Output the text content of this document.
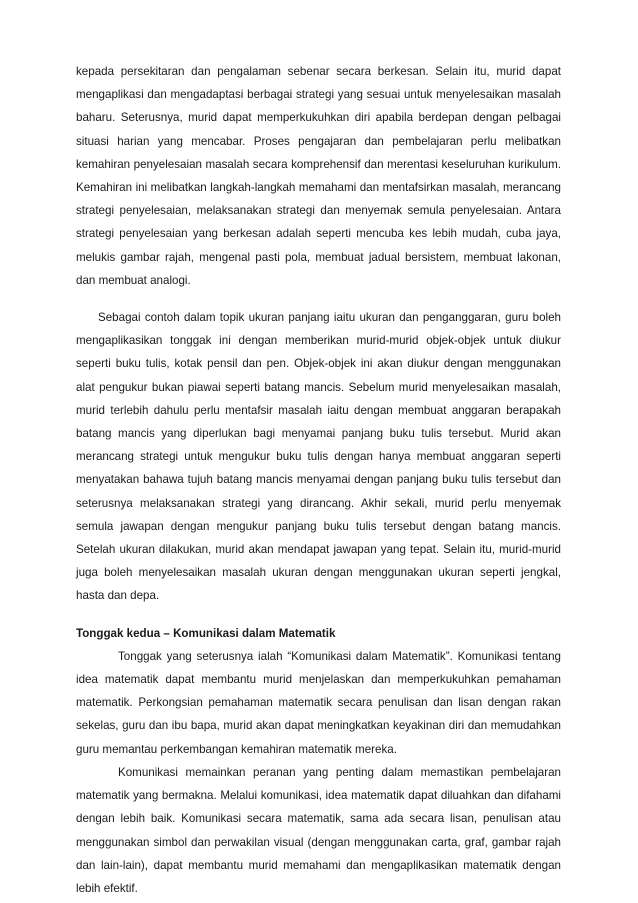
kepada persekitaran dan pengalaman sebenar secara berkesan. Selain itu, murid dapat mengaplikasi dan mengadaptasi berbagai strategi yang sesuai untuk menyelesaikan masalah baharu. Seterusnya, murid dapat memperkukuhkan diri apabila berdepan dengan pelbagai situasi harian yang mencabar. Proses pengajaran dan pembelajaran perlu melibatkan kemahiran penyelesaian masalah secara komprehensif dan merentasi keseluruhan kurikulum. Kemahiran ini melibatkan langkah-langkah memahami dan mentafsirkan masalah, merancang strategi penyelesaian, melaksanakan strategi dan menyemak semula penyelesaian. Antara strategi penyelesaian yang berkesan adalah seperti mencuba kes lebih mudah, cuba jaya, melukis gambar rajah, mengenal pasti pola, membuat jadual bersistem, membuat lakonan, dan membuat analogi.

Sebagai contoh dalam topik ukuran panjang iaitu ukuran dan penganggaran, guru boleh mengaplikasikan tonggak ini dengan memberikan murid-murid objek-objek untuk diukur seperti buku tulis, kotak pensil dan pen. Objek-objek ini akan diukur dengan menggunakan alat pengukur bukan piawai seperti batang mancis. Sebelum murid menyelesaikan masalah, murid terlebih dahulu perlu mentafsir masalah iaitu dengan membuat anggaran berapakah batang mancis yang diperlukan bagi menyamai panjang buku tulis tersebut. Murid akan merancang strategi untuk mengukur buku tulis dengan hanya membuat anggaran seperti menyatakan bahawa tujuh batang mancis menyamai dengan panjang buku tulis tersebut dan seterusnya melaksanakan strategi yang dirancang. Akhir sekali, murid perlu menyemak semula jawapan dengan mengukur panjang buku tulis tersebut dengan batang mancis. Setelah ukuran dilakukan, murid akan mendapat jawapan yang tepat. Selain itu, murid-murid juga boleh menyelesaikan masalah ukuran dengan menggunakan ukuran seperti jengkal, hasta dan depa.

Tonggak kedua – Komunikasi dalam Matematik

Tonggak yang seterusnya ialah “Komunikasi dalam Matematik”. Komunikasi tentang idea matematik dapat membantu murid menjelaskan dan memperkukuhkan pemahaman matematik. Perkongsian pemahaman matematik secara penulisan dan lisan dengan rakan sekelas, guru dan ibu bapa, murid akan dapat meningkatkan keyakinan diri dan memudahkan guru memantau perkembangan kemahiran matematik mereka.

Komunikasi memainkan peranan yang penting dalam memastikan pembelajaran matematik yang bermakna. Melalui komunikasi, idea matematik dapat diluahkan dan difahami dengan lebih baik. Komunikasi secara matematik, sama ada secara lisan, penulisan atau menggunakan simbol dan perwakilan visual (dengan menggunakan carta, graf, gambar rajah dan lain-lain), dapat membantu murid memahami dan mengaplikasikan matematik dengan lebih efektif.
